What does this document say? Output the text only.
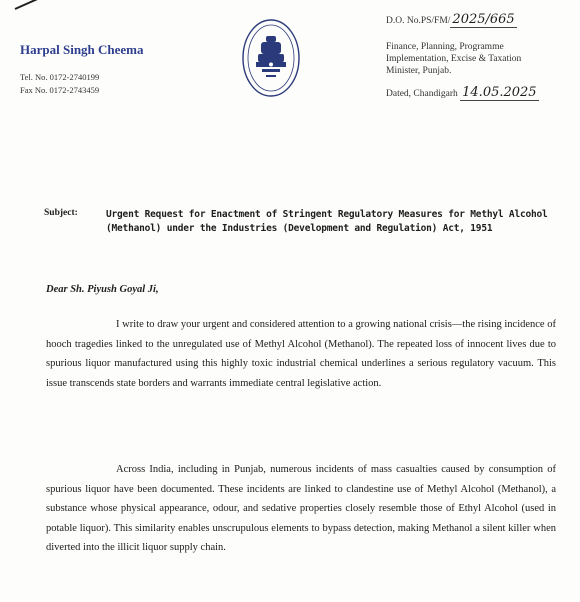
Harpal Singh Cheema
Tel. No. 0172-2740199
Fax No. 0172-2743459
D.O. No.PS/FM/ 2025/665
Finance, Planning, Programme
Implementation, Excise & Taxation
Minister, Punjab.
Dated, Chandigarh 14.05.2025
Subject:	Urgent Request for Enactment of Stringent Regulatory Measures for Methyl Alcohol (Methanol) under the Industries (Development and Regulation) Act, 1951
Dear Sh. Piyush Goyal Ji,

I write to draw your urgent and considered attention to a growing national crisis—the rising incidence of hooch tragedies linked to the unregulated use of Methyl Alcohol (Methanol). The repeated loss of innocent lives due to spurious liquor manufactured using this highly toxic industrial chemical underlines a serious regulatory vacuum. This issue transcends state borders and warrants immediate central legislative action.

Across India, including in Punjab, numerous incidents of mass casualties caused by consumption of spurious liquor have been documented. These incidents are linked to clandestine use of Methyl Alcohol (Methanol), a substance whose physical appearance, odour, and sedative properties closely resemble those of Ethyl Alcohol (used in potable liquor). This similarity enables unscrupulous elements to bypass detection, making Methanol a silent killer when diverted into the illicit liquor supply chain.
